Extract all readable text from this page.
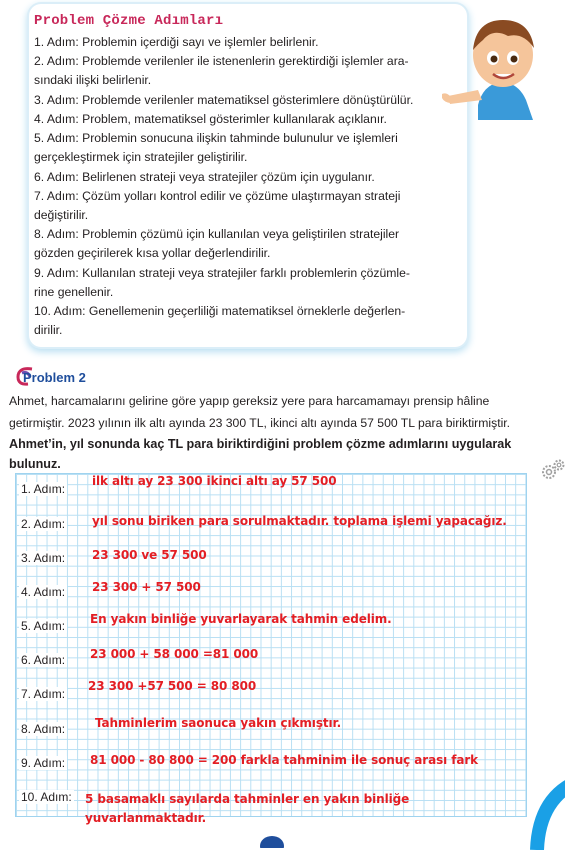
Problem Çözme Adımları
1. Adım: Problemin içerdiği sayı ve işlemler belirlenir.
2. Adım: Problemde verilenler ile istenenlerin gerektirdiği işlemler ara-
sındaki ilişki belirlenir.
3. Adım: Problemde verilenler matematiksel gösterimlere dönüştürülür.
4. Adım: Problem, matematiksel gösterimler kullanılarak açıklanır.
5. Adım: Problemin sonucuna ilişkin tahminde bulunulur ve işlemleri
gerçekleştirmek için stratejiler geliştirilir.
6. Adım: Belirlenen strateji veya stratejiler çözüm için uygulanır.
7. Adım: Çözüm yolları kontrol edilir ve çözüme ulaştırmayan strateji
değiştirilir.
8. Adım: Problemin çözümü için kullanılan veya geliştirilen stratejiler
gözden geçirilerek kısa yollar değerlendirilir.
9. Adım: Kullanılan strateji veya stratejiler farklı problemlerin çözümle-
rine genellenir.
10. Adım: Genellemenin geçerliliği matematiksel örneklerle değerlen-
dirilir.
Problem 2
Ahmet, harcamalarını gelirine göre yapıp gereksiz yere para harcamamayı prensip hâline
getirmiştir. 2023 yılının ilk altı ayında 23 300 TL, ikinci altı ayında 57 500 TL para biriktirmiştir.
Ahmet’in, yıl sonunda kaç TL para biriktirdiğini problem çözme adımlarını uygularak
bulunuz.
1. Adım:
ilk altı ay 23 300 ikinci altı ay 57 500
2. Adım: yıl sonu biriken para sorulmaktadır. toplama işlemi yapacağız.
3. Adım: 23 300 ve 57 500
4. Adım: 23 300 + 57 500
5. Adım: En yakın binliğe yuvarlayarak tahmin edelim.
6. Adım: 23 000 + 58 000 =81 000
7. Adım:
23 300 +57 500 = 80 800
8. Adım: Tahminlerim saonuca yakın çıkmıştır.
9. Adım: 81 000 - 80 800 = 200 farkla tahminim ile sonuç arası fark
10. Adım: 5 basamaklı sayılarda tahminler en yakın binliğe
yuvarlanmaktadır.
